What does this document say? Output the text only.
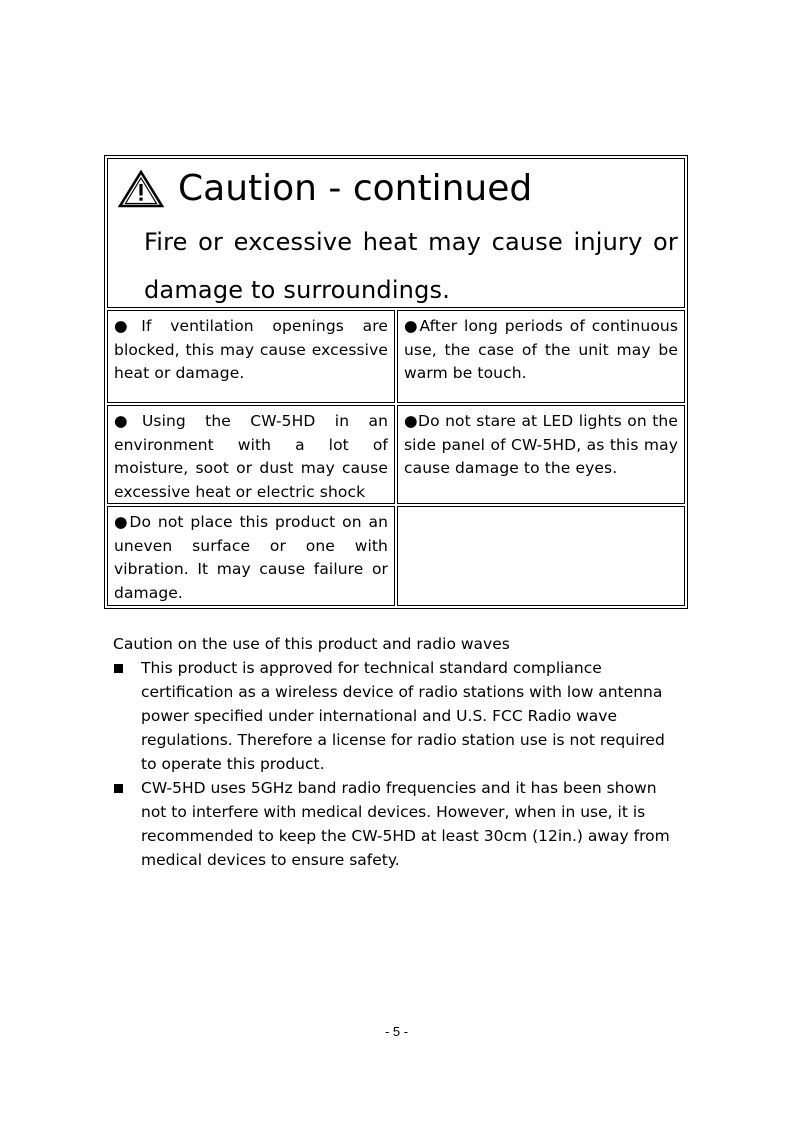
Caution - continued
Fire or excessive heat may cause injury or damage to surroundings.
●If ventilation openings are blocked, this may cause excessive heat or damage.
●After long periods of continuous use, the case of the unit may be warm be touch.
●Using the CW-5HD in an environment with a lot of moisture, soot or dust may cause excessive heat or electric shock
●Do not stare at LED lights on the side panel of CW-5HD, as this may cause damage to the eyes.
●Do not place this product on an uneven surface or one with vibration. It may cause failure or damage.
Caution on the use of this product and radio waves
This product is approved for technical standard compliance certification as a wireless device of radio stations with low antenna power specified under international and U.S. FCC Radio wave regulations. Therefore a license for radio station use is not required to operate this product.
CW-5HD uses 5GHz band radio frequencies and it has been shown not to interfere with medical devices. However, when in use, it is recommended to keep the CW-5HD at least 30cm (12in.) away from medical devices to ensure safety.
- 5 -
